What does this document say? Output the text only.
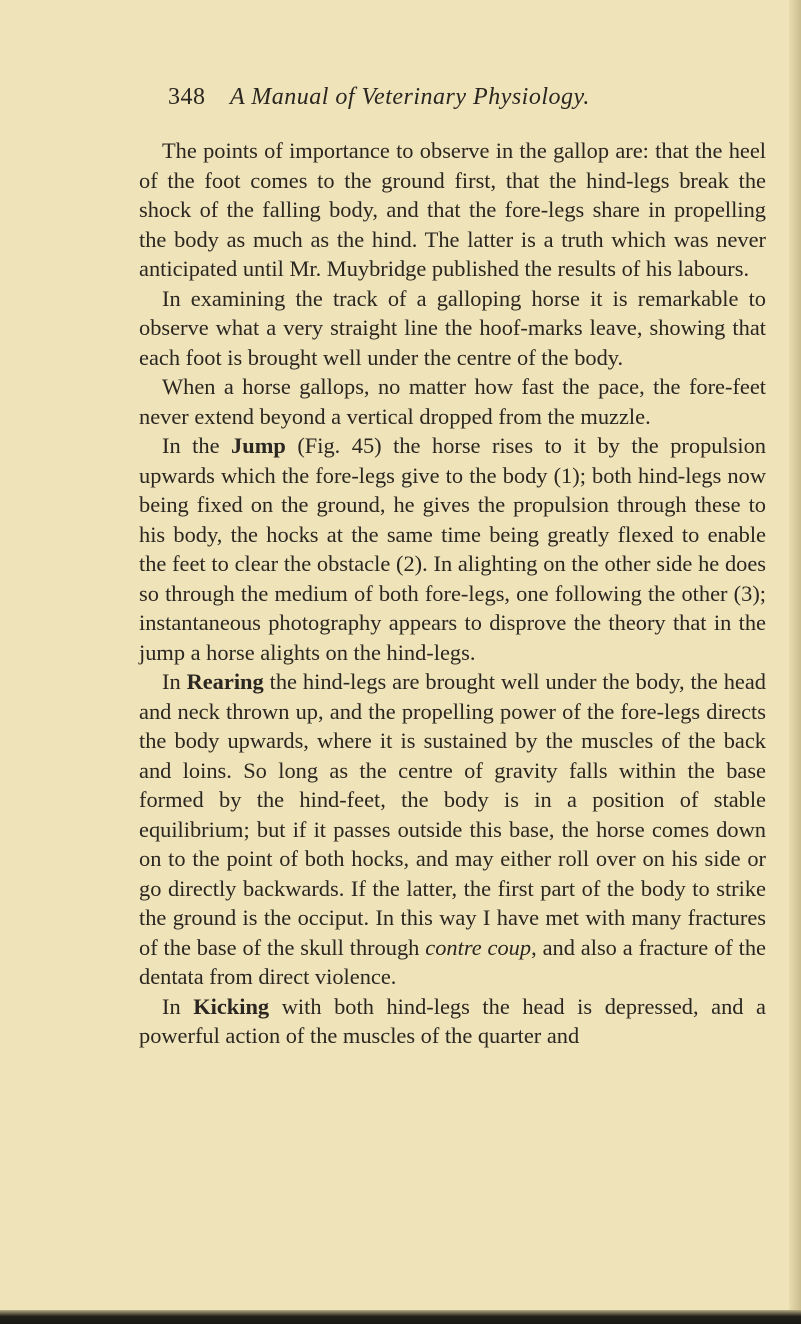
348 A Manual of Veterinary Physiology.

The points of importance to observe in the gallop are: that the heel of the foot comes to the ground first, that the hind-legs break the shock of the falling body, and that the fore-legs share in propelling the body as much as the hind. The latter is a truth which was never anticipated until Mr. Muybridge published the results of his labours.

In examining the track of a galloping horse it is remarkable to observe what a very straight line the hoof-marks leave, showing that each foot is brought well under the centre of the body.

When a horse gallops, no matter how fast the pace, the fore-feet never extend beyond a vertical dropped from the muzzle.

In the Jump (Fig. 45) the horse rises to it by the propulsion upwards which the fore-legs give to the body (1); both hind-legs now being fixed on the ground, he gives the propulsion through these to his body, the hocks at the same time being greatly flexed to enable the feet to clear the obstacle (2). In alighting on the other side he does so through the medium of both fore-legs, one following the other (3); instantaneous photography appears to disprove the theory that in the jump a horse alights on the hind-legs.

In Rearing the hind-legs are brought well under the body, the head and neck thrown up, and the propelling power of the fore-legs directs the body upwards, where it is sustained by the muscles of the back and loins. So long as the centre of gravity falls within the base formed by the hind-feet, the body is in a position of stable equilibrium; but if it passes outside this base, the horse comes down on to the point of both hocks, and may either roll over on his side or go directly backwards. If the latter, the first part of the body to strike the ground is the occiput. In this way I have met with many fractures of the base of the skull through contre coup, and also a fracture of the dentata from direct violence.

In Kicking with both hind-legs the head is depressed, and a powerful action of the muscles of the quarter and
